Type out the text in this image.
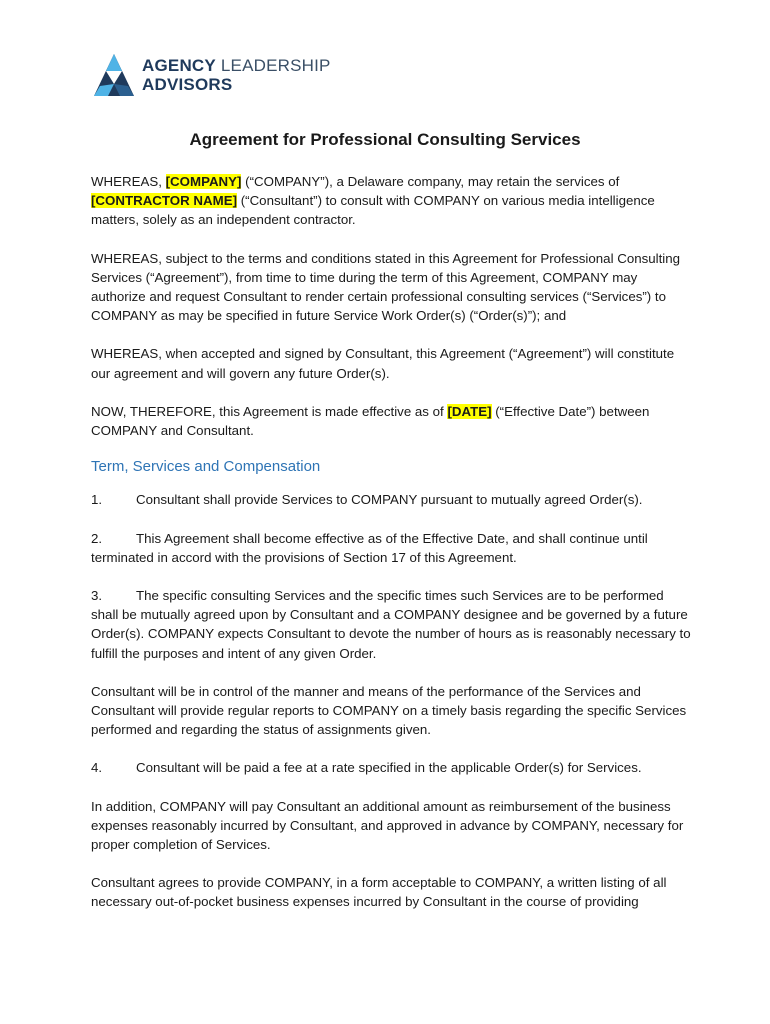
AGENCY LEADERSHIP
ADVISORS
Agreement for Professional Consulting Services

WHEREAS, [COMPANY] (“COMPANY”), a Delaware company, may retain the services of [CONTRACTOR NAME] (“Consultant”) to consult with COMPANY on various media intelligence matters, solely as an independent contractor.

WHEREAS, subject to the terms and conditions stated in this Agreement for Professional Consulting Services (“Agreement”), from time to time during the term of this Agreement, COMPANY may authorize and request Consultant to render certain professional consulting services (“Services”) to COMPANY as may be specified in future Service Work Order(s) (“Order(s)”); and

WHEREAS, when accepted and signed by Consultant, this Agreement (“Agreement”) will constitute our agreement and will govern any future Order(s).

NOW, THEREFORE, this Agreement is made effective as of [DATE] (“Effective Date”) between COMPANY and Consultant.

Term, Services and Compensation

1.	Consultant shall provide Services to COMPANY pursuant to mutually agreed Order(s).

2.	This Agreement shall become effective as of the Effective Date, and shall continue until terminated in accord with the provisions of Section 17 of this Agreement.

3.	The specific consulting Services and the specific times such Services are to be performed shall be mutually agreed upon by Consultant and a COMPANY designee and be governed by a future Order(s). COMPANY expects Consultant to devote the number of hours as is reasonably necessary to fulfill the purposes and intent of any given Order.

Consultant will be in control of the manner and means of the performance of the Services and Consultant will provide regular reports to COMPANY on a timely basis regarding the specific Services performed and regarding the status of assignments given.

4.	Consultant will be paid a fee at a rate specified in the applicable Order(s) for Services.

In addition, COMPANY will pay Consultant an additional amount as reimbursement of the business expenses reasonably incurred by Consultant, and approved in advance by COMPANY, necessary for proper completion of Services.

Consultant agrees to provide COMPANY, in a form acceptable to COMPANY, a written listing of all necessary out-of-pocket business expenses incurred by Consultant in the course of providing
